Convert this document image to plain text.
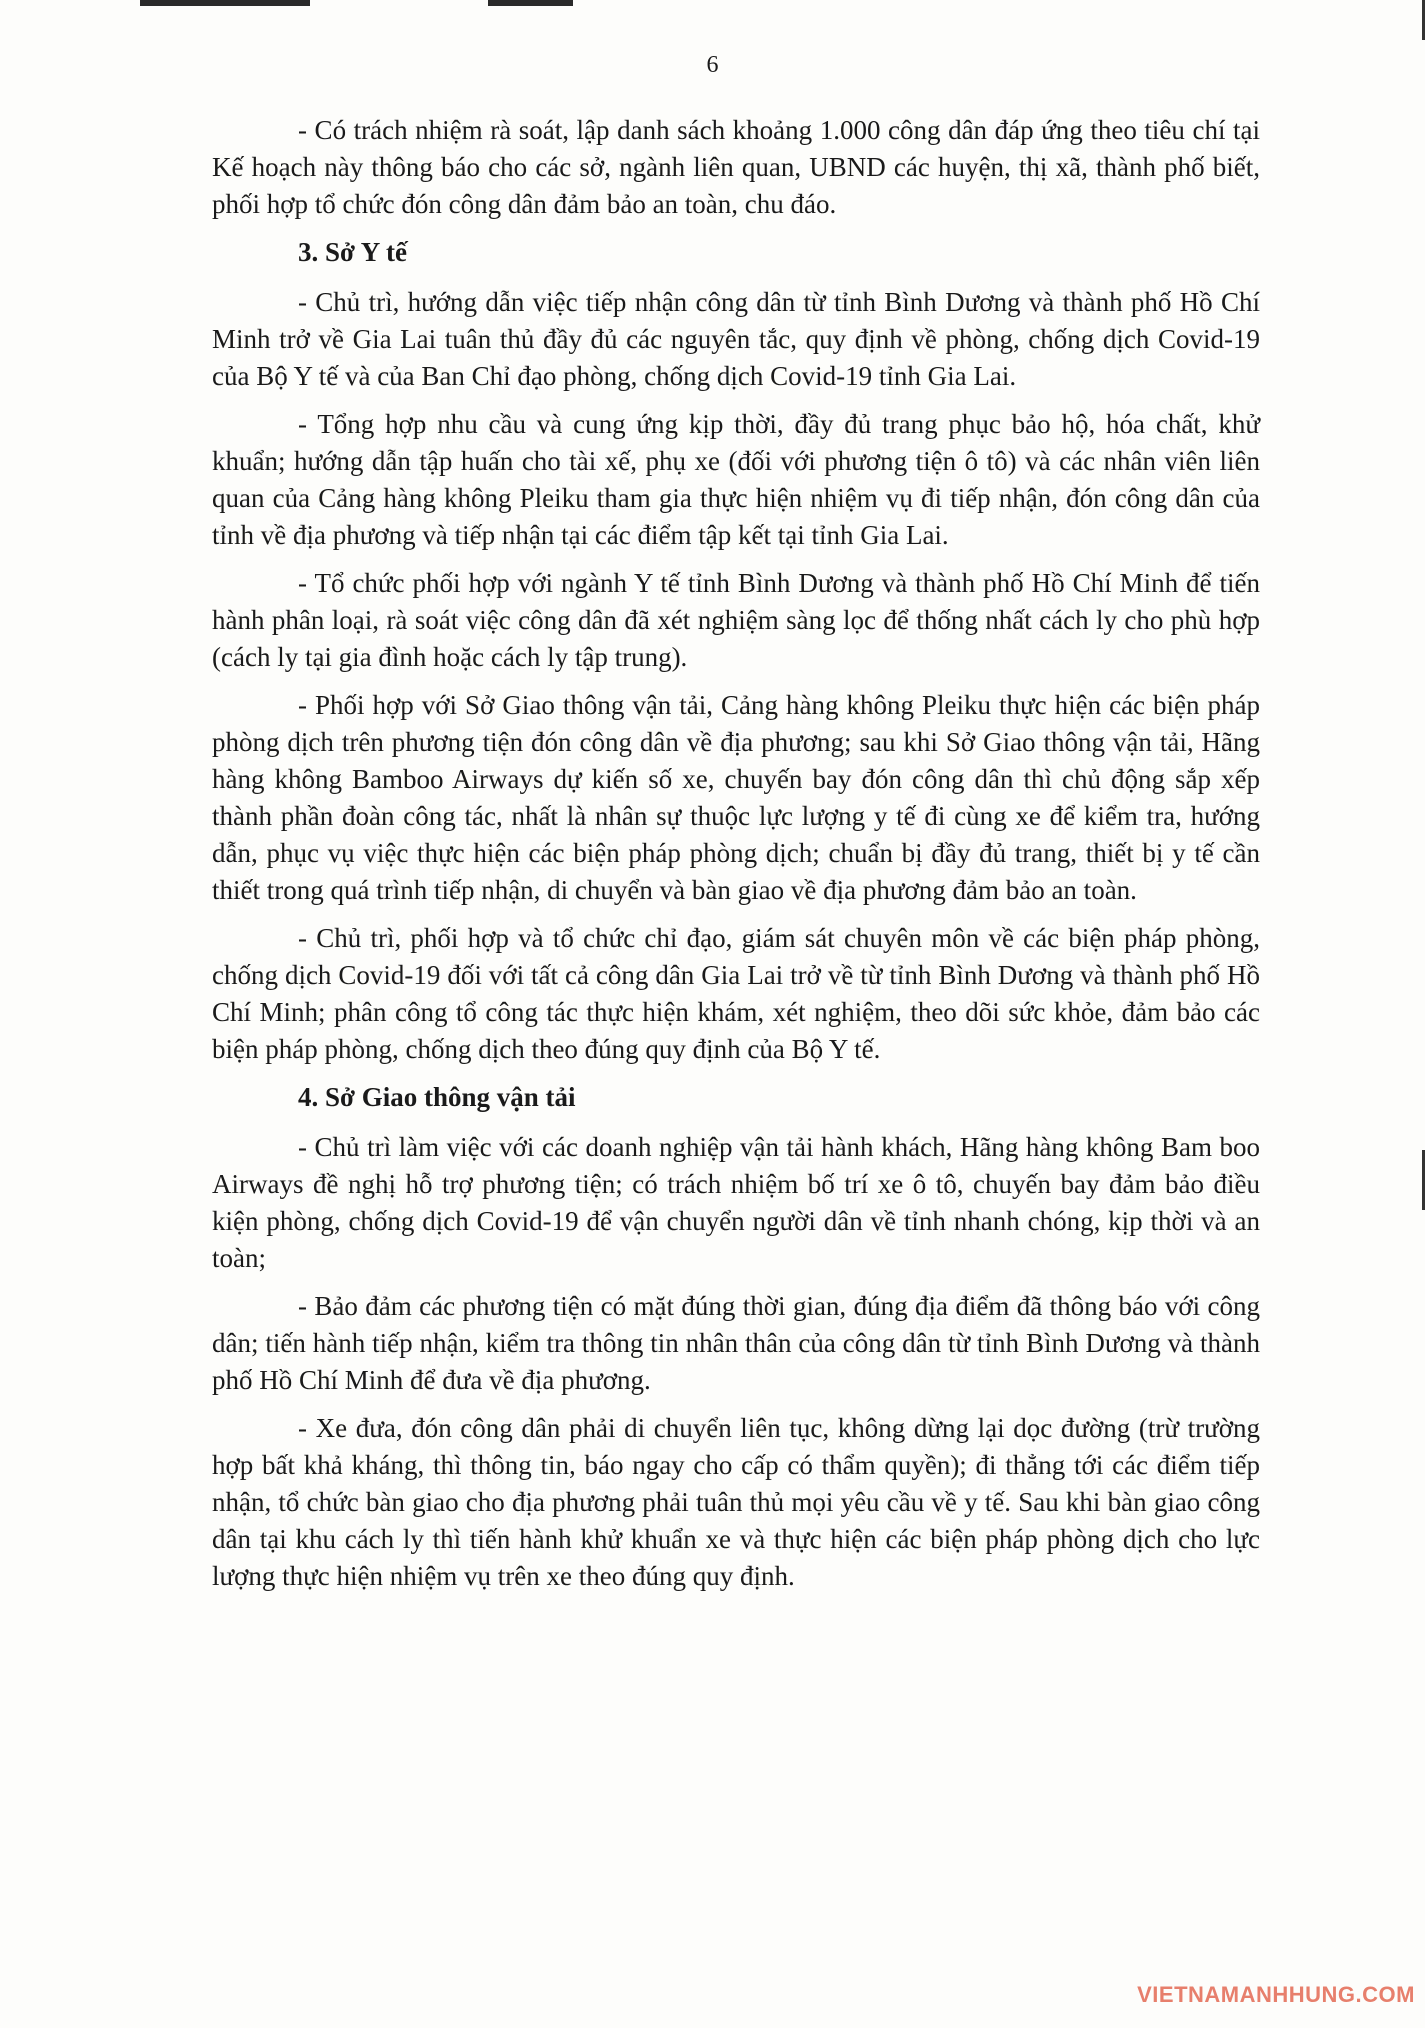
6

- Có trách nhiệm rà soát, lập danh sách khoảng 1.000 công dân đáp ứng theo tiêu chí tại Kế hoạch này thông báo cho các sở, ngành liên quan, UBND các huyện, thị xã, thành phố biết, phối hợp tổ chức đón công dân đảm bảo an toàn, chu đáo.

3. Sở Y tế

- Chủ trì, hướng dẫn việc tiếp nhận công dân từ tỉnh Bình Dương và thành phố Hồ Chí Minh trở về Gia Lai tuân thủ đầy đủ các nguyên tắc, quy định về phòng, chống dịch Covid-19 của Bộ Y tế và của Ban Chỉ đạo phòng, chống dịch Covid-19 tỉnh Gia Lai.

- Tổng hợp nhu cầu và cung ứng kịp thời, đầy đủ trang phục bảo hộ, hóa chất, khử khuẩn; hướng dẫn tập huấn cho tài xế, phụ xe (đối với phương tiện ô tô) và các nhân viên liên quan của Cảng hàng không Pleiku tham gia thực hiện nhiệm vụ đi tiếp nhận, đón công dân của tỉnh về địa phương và tiếp nhận tại các điểm tập kết tại tỉnh Gia Lai.

- Tổ chức phối hợp với ngành Y tế tỉnh Bình Dương và thành phố Hồ Chí Minh để tiến hành phân loại, rà soát việc công dân đã xét nghiệm sàng lọc để thống nhất cách ly cho phù hợp (cách ly tại gia đình hoặc cách ly tập trung).

- Phối hợp với Sở Giao thông vận tải, Cảng hàng không Pleiku thực hiện các biện pháp phòng dịch trên phương tiện đón công dân về địa phương; sau khi Sở Giao thông vận tải, Hãng hàng không Bamboo Airways dự kiến số xe, chuyến bay đón công dân thì chủ động sắp xếp thành phần đoàn công tác, nhất là nhân sự thuộc lực lượng y tế đi cùng xe để kiểm tra, hướng dẫn, phục vụ việc thực hiện các biện pháp phòng dịch; chuẩn bị đầy đủ trang, thiết bị y tế cần thiết trong quá trình tiếp nhận, di chuyển và bàn giao về địa phương đảm bảo an toàn.

- Chủ trì, phối hợp và tổ chức chỉ đạo, giám sát chuyên môn về các biện pháp phòng, chống dịch Covid-19 đối với tất cả công dân Gia Lai trở về từ tỉnh Bình Dương và thành phố Hồ Chí Minh; phân công tổ công tác thực hiện khám, xét nghiệm, theo dõi sức khỏe, đảm bảo các biện pháp phòng, chống dịch theo đúng quy định của Bộ Y tế.

4. Sở Giao thông vận tải

- Chủ trì làm việc với các doanh nghiệp vận tải hành khách, Hãng hàng không Bam boo Airways đề nghị hỗ trợ phương tiện; có trách nhiệm bố trí xe ô tô, chuyến bay đảm bảo điều kiện phòng, chống dịch Covid-19 để vận chuyển người dân về tỉnh nhanh chóng, kịp thời và an toàn;

- Bảo đảm các phương tiện có mặt đúng thời gian, đúng địa điểm đã thông báo với công dân; tiến hành tiếp nhận, kiểm tra thông tin nhân thân của công dân từ tỉnh Bình Dương và thành phố Hồ Chí Minh để đưa về địa phương.

- Xe đưa, đón công dân phải di chuyển liên tục, không dừng lại dọc đường (trừ trường hợp bất khả kháng, thì thông tin, báo ngay cho cấp có thẩm quyền); đi thẳng tới các điểm tiếp nhận, tổ chức bàn giao cho địa phương phải tuân thủ mọi yêu cầu về y tế. Sau khi bàn giao công dân tại khu cách ly thì tiến hành khử khuẩn xe và thực hiện các biện pháp phòng dịch cho lực lượng thực hiện nhiệm vụ trên xe theo đúng quy định.

VIETNAMANHHUNG.COM
